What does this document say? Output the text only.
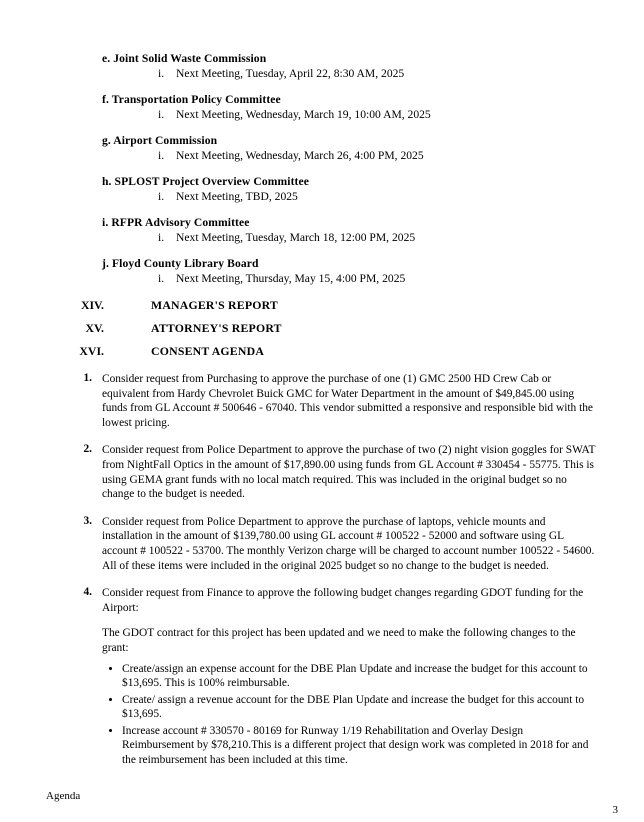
e. Joint Solid Waste Commission
i. Next Meeting, Tuesday, April 22, 8:30 AM, 2025
f. Transportation Policy Committee
i. Next Meeting, Wednesday, March 19, 10:00 AM, 2025
g. Airport Commission
i. Next Meeting, Wednesday, March 26, 4:00 PM, 2025
h. SPLOST Project Overview Committee
i. Next Meeting, TBD, 2025
i. RFPR Advisory Committee
i. Next Meeting, Tuesday, March 18, 12:00 PM, 2025
j. Floyd County Library Board
i. Next Meeting, Thursday, May 15, 4:00 PM, 2025
XIV.	MANAGER'S REPORT
XV.	ATTORNEY'S REPORT
XVI.	CONSENT AGENDA
1. Consider request from Purchasing to approve the purchase of one (1) GMC 2500 HD Crew Cab or equivalent from Hardy Chevrolet Buick GMC for Water Department in the amount of $49,845.00 using funds from GL Account # 500646 - 67040. This vendor submitted a responsive and responsible bid with the lowest pricing.

2. Consider request from Police Department to approve the purchase of two (2) night vision goggles for SWAT from NightFall Optics in the amount of $17,890.00 using funds from GL Account # 330454 - 55775. This is using GEMA grant funds with no local match required. This was included in the original budget so no change to the budget is needed.

3. Consider request from Police Department to approve the purchase of laptops, vehicle mounts and installation in the amount of $139,780.00 using GL account # 100522 - 52000 and software using GL account # 100522 - 53700. The monthly Verizon charge will be charged to account number 100522 - 54600. All of these items were included in the original 2025 budget so no change to the budget is needed.

4. Consider request from Finance to approve the following budget changes regarding GDOT funding for the Airport:

The GDOT contract for this project has been updated and we need to make the following changes to the grant:

• Create/assign an expense account for the DBE Plan Update and increase the budget for this account to $13,695. This is 100% reimbursable.
• Create/ assign a revenue account for the DBE Plan Update and increase the budget for this account to $13,695.
• Increase account # 330570 - 80169 for Runway 1/19 Rehabilitation and Overlay Design Reimbursement by $78,210.This is a different project that design work was completed in 2018 for and the reimbursement has been included at this time.
Agenda
3
